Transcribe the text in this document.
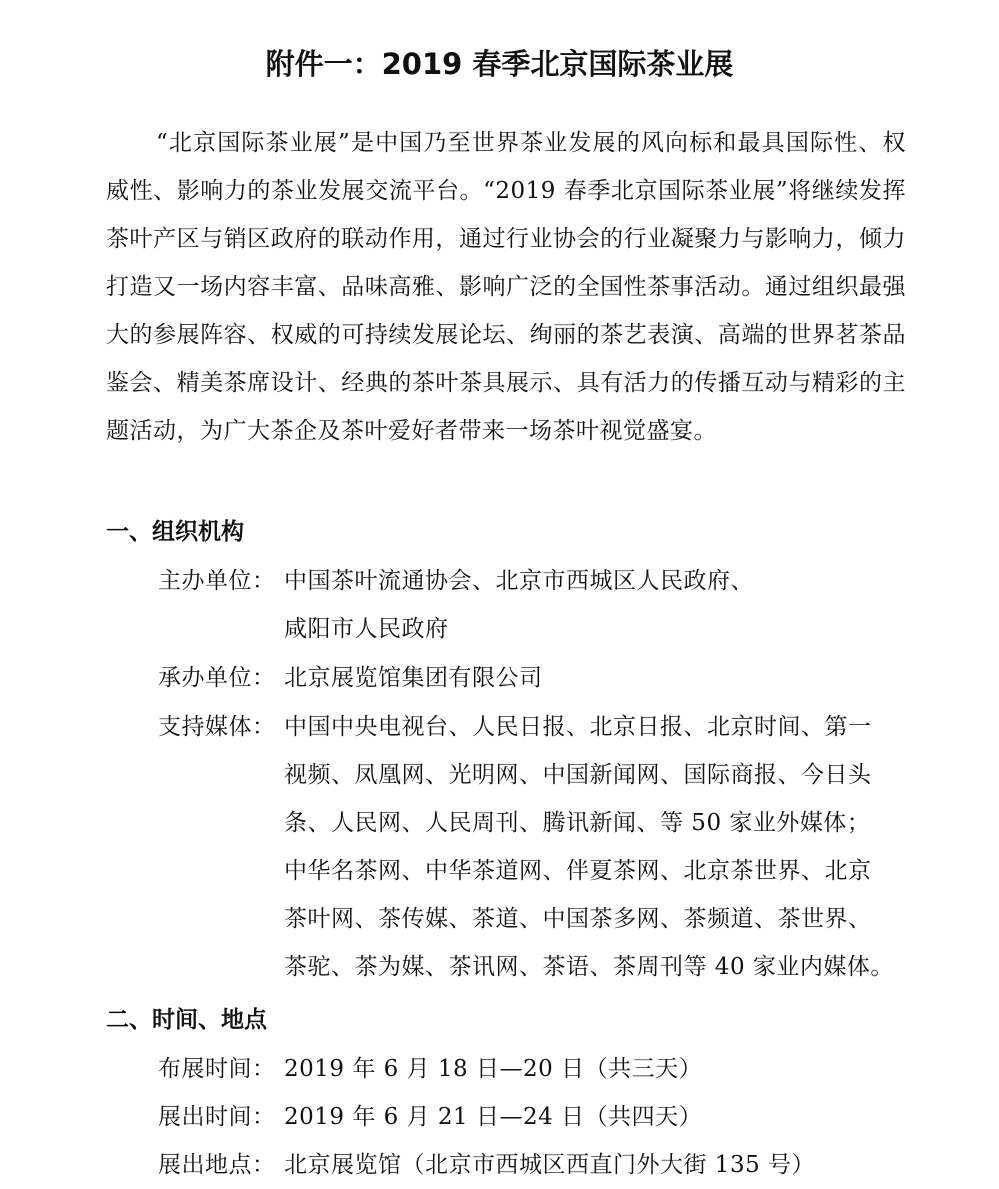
附件一：2019 春季北京国际茶业展

“北京国际茶业展”是中国乃至世界茶业发展的风向标和最具国际性、权威性、影响力的茶业发展交流平台。“2019 春季北京国际茶业展”将继续发挥茶叶产区与销区政府的联动作用，通过行业协会的行业凝聚力与影响力，倾力打造又一场内容丰富、品味高雅、影响广泛的全国性茶事活动。通过组织最强大的参展阵容、权威的可持续发展论坛、绚丽的茶艺表演、高端的世界茗茶品鉴会、精美茶席设计、经典的茶叶茶具展示、具有活力的传播互动与精彩的主题活动，为广大茶企及茶叶爱好者带来一场茶叶视觉盛宴。

一、组织机构
主办单位： 中国茶叶流通协会、北京市西城区人民政府、
咸阳市人民政府
承办单位： 北京展览馆集团有限公司
支持媒体： 中国中央电视台、人民日报、北京日报、北京时间、第一
视频、凤凰网、光明网、中国新闻网、国际商报、今日头
条、人民网、人民周刊、腾讯新闻、等 50 家业外媒体；
中华名茶网、中华茶道网、伴夏茶网、北京茶世界、北京
茶叶网、茶传媒、茶道、中国茶多网、茶频道、茶世界、
茶驼、茶为媒、茶讯网、茶语、茶周刊等 40 家业内媒体。
二、时间、地点
布展时间： 2019 年 6 月 18 日—20 日（共三天）
展出时间： 2019 年 6 月 21 日—24 日（共四天）
展出地点： 北京展览馆（北京市西城区西直门外大街 135 号）
